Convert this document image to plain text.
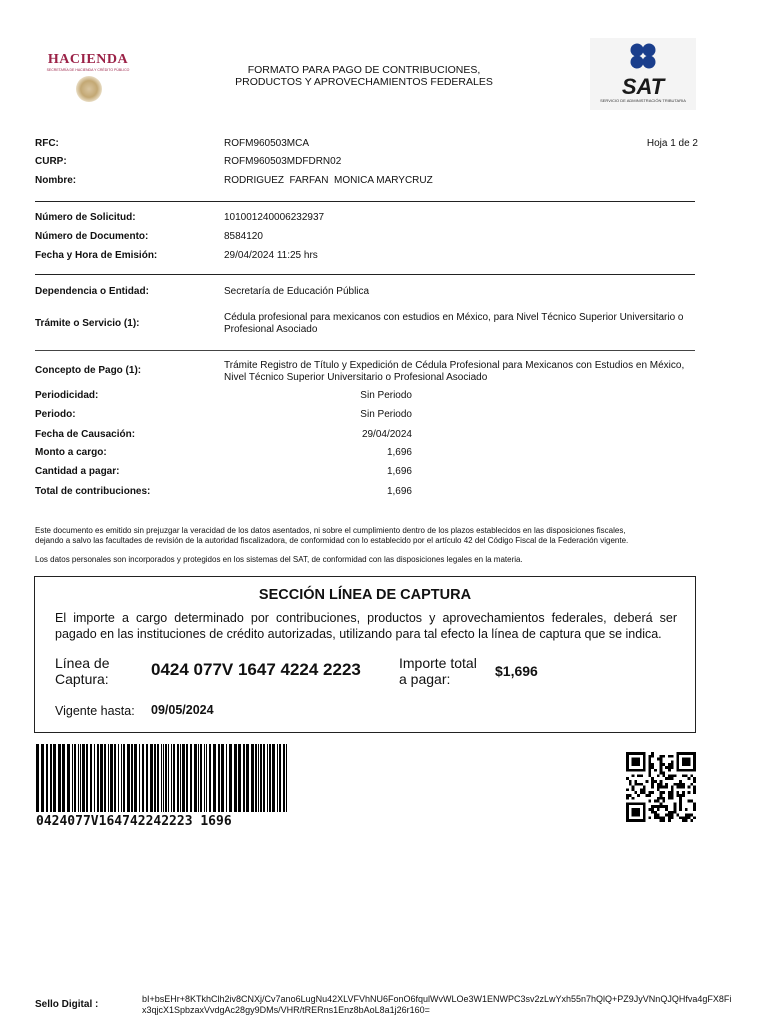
HACIENDA
SECRETARÍA DE HACIENDA Y CRÉDITO PÚBLICO	FORMATO PARA PAGO DE CONTRIBUCIONES,
PRODUCTOS Y APROVECHAMIENTOS FEDERALES	SAT
SERVICIO DE ADMINISTRACIÓN TRIBUTARIA
RFC:	ROFM960503MCA	Hoja 1 de 2
CURP:	ROFM960503MDFDRN02
Nombre:	RODRIGUEZ  FARFAN  MONICA MARYCRUZ
Número de Solicitud:	101001240006232937
Número de Documento:	8584120
Fecha y Hora de Emisión:	29/04/2024 11:25 hrs
Dependencia o Entidad:	Secretaría de Educación Pública
Trámite o Servicio (1):
Cédula profesional para mexicanos con estudios en México, para Nivel Técnico Superior Universitario o
Profesional Asociado
Concepto de Pago (1):	Trámite Registro de Título y Expedición de Cédula Profesional para Mexicanos con Estudios en México,
Nivel Técnico Superior Universitario o Profesional Asociado
Periodicidad:	Sin Periodo
Periodo:	Sin Periodo
Fecha de Causación:	29/04/2024
Monto a cargo:	1,696
Cantidad a pagar:	1,696
Total de contribuciones:	1,696
Este documento es emitido sin prejuzgar la veracidad de los datos asentados, ni sobre el cumplimiento dentro de los plazos establecidos en las disposiciones fiscales,
dejando a salvo las facultades de revisión de la autoridad fiscalizadora, de conformidad con lo establecido por el artículo 42 del Código Fiscal de la Federación vigente.
Los datos personales son incorporados y protegidos en los sistemas del SAT, de conformidad con las disposiciones legales en la materia.
SECCIÓN LÍNEA DE CAPTURA
El importe a cargo determinado por contribuciones, productos y aprovechamientos federales, deberá ser pagado en las instituciones de crédito autorizadas, utilizando para tal efecto la línea de captura que se indica.
Línea de
Captura: 0424 077V 1647 4224 2223	Importe total
a pagar:	$1,696
Vigente hasta: 09/05/2024
0424077V164742242223 1696
Sello Digital :	bI+bsEHr+8KTkhClh2iv8CNXj/Cv7ano6LugNu42XLVFVhNU6FonO6fqulWvWLOe3W1ENWPC3sv2zLwYxh55n7hQlQ+PZ9JyVNnQJQHfva4gFX8Fix3qjcX1SpbzaxVvdgAc28gy9DMs/VHR/tRERns1Enz8bAoL8a1j26r160=
